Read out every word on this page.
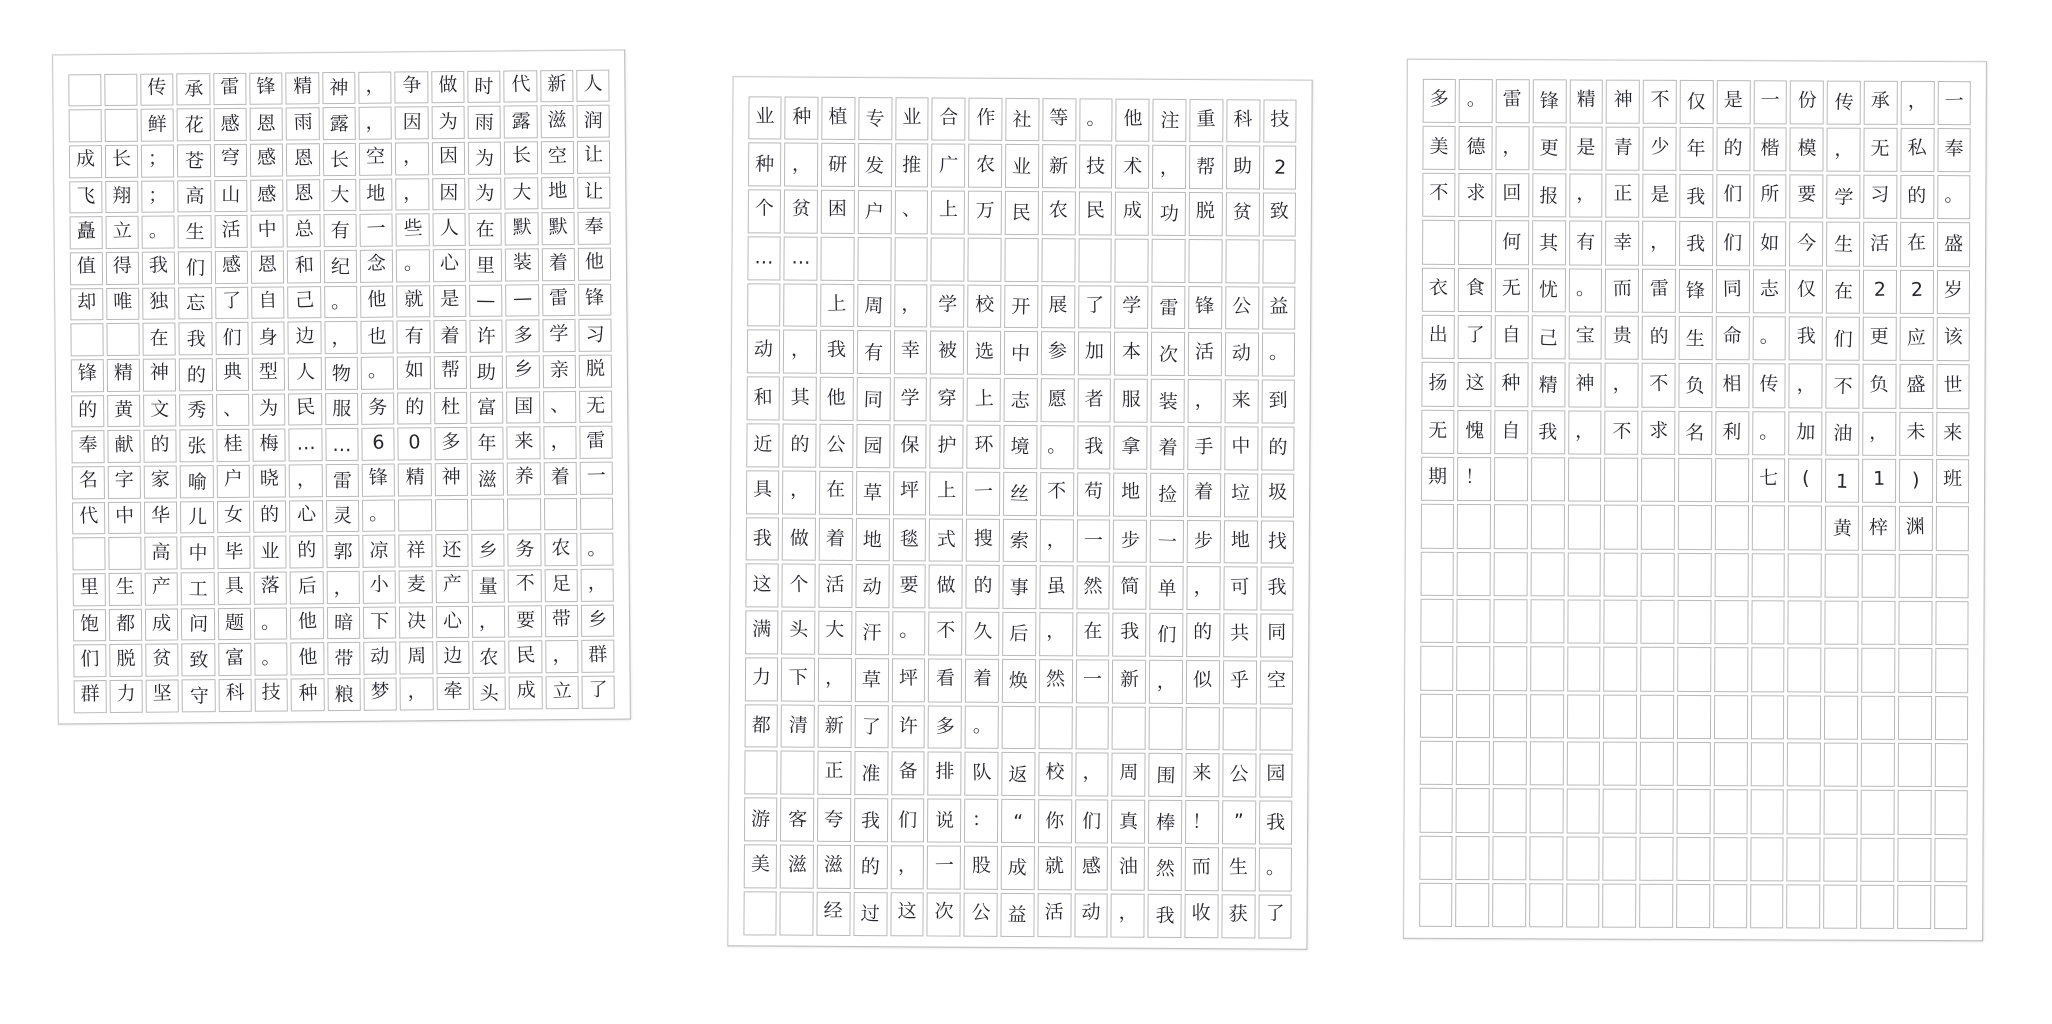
传 承 雷 锋 精 神 ， 争 做 时 代 新 人
鲜 花 感 恩 雨 露 ， 因 为 雨 露 滋 润
成 长 ； 苍 穹 感 恩 长 空 ， 因 为 长 空 让
飞 翔 ； 高 山 感 恩 大 地 ， 因 为 大 地 让
矗 立 。 生 活 中 总 有 一 些 人 在 默 默 奉
值 得 我 们 感 恩 和 纪 念 。 心 里 装 着 他
却 唯 独 忘 了 自 己 。 他 就 是 — — 雷 锋
在 我 们 身 边 ， 也 有 着 许 多 学 习
锋 精 神 的 典 型 人 物 。 如 帮 助 乡 亲 脱
的 黄 文 秀 、 为 民 服 务 的 杜 富 国 、 无
奉 献 的 张 桂 梅 … … 6 0 多 年 来 ， 雷
名 字 家 喻 户 晓 ， 雷 锋 精 神 滋 养 着 一
代 中 华 儿 女 的 心 灵 。
高 中 毕 业 的 郭 凉 祥 还 乡 务 农 。
里 生 产 工 具 落 后 ， 小 麦 产 量 不 足 ，
饱 都 成 问 题 。 他 暗 下 决 心 ， 要 带 乡
们 脱 贫 致 富 。 他 带 动 周 边 农 民 ， 群
群 力 坚 守 科 技 种 粮 梦 ， 牵 头 成 立 了
业 种 植 专 业 合 作 社 等 。 他 注 重 科 技
种 ， 研 发 推 广 农 业 新 技 术 ， 帮 助 2
个 贫 困 户 、 上 万 民 农 民 成 功 脱 贫 致
… …
上 周 ， 学 校 开 展 了 学 雷 锋 公 益
动 ， 我 有 幸 被 选 中 参 加 本 次 活 动 。
和 其 他 同 学 穿 上 志 愿 者 服 装 ， 来 到
近 的 公 园 保 护 环 境 。 我 拿 着 手 中 的
具 ， 在 草 坪 上 一 丝 不 苟 地 捡 着 垃 圾
我 做 着 地 毯 式 搜 索 ， 一 步 一 步 地 找
这 个 活 动 要 做 的 事 虽 然 简 单 ， 可 我
满 头 大 汗 。 不 久 后 ， 在 我 们 的 共 同
力 下 ， 草 坪 看 着 焕 然 一 新 ， 似 乎 空
都 清 新 了 许 多 。
正 准 备 排 队 返 校 ， 周 围 来 公 园
游 客 夸 我 们 说 ： “ 你 们 真 棒 ！ ” 我
美 滋 滋 的 ， 一 股 成 就 感 油 然 而 生 。
经 过 这 次 公 益 活 动 ， 我 收 获 了
多 。 雷 锋 精 神 不 仅 是 一 份 传 承 ， 一
美 德 ， 更 是 青 少 年 的 楷 模 ， 无 私 奉
不 求 回 报 ， 正 是 我 们 所 要 学 习 的 。
何 其 有 幸 ， 我 们 如 今 生 活 在 盛
衣 食 无 忧 。 而 雷 锋 同 志 仅 在 2 2 岁
出 了 自 己 宝 贵 的 生 命 。 我 们 更 应 该
扬 这 种 精 神 ， 不 负 相 传 ， 不 负 盛 世
无 愧 自 我 ， 不 求 名 利 。 加 油 ， 未 来
期 ！	七 ( 1 1 ) 班
黄 梓 渊
